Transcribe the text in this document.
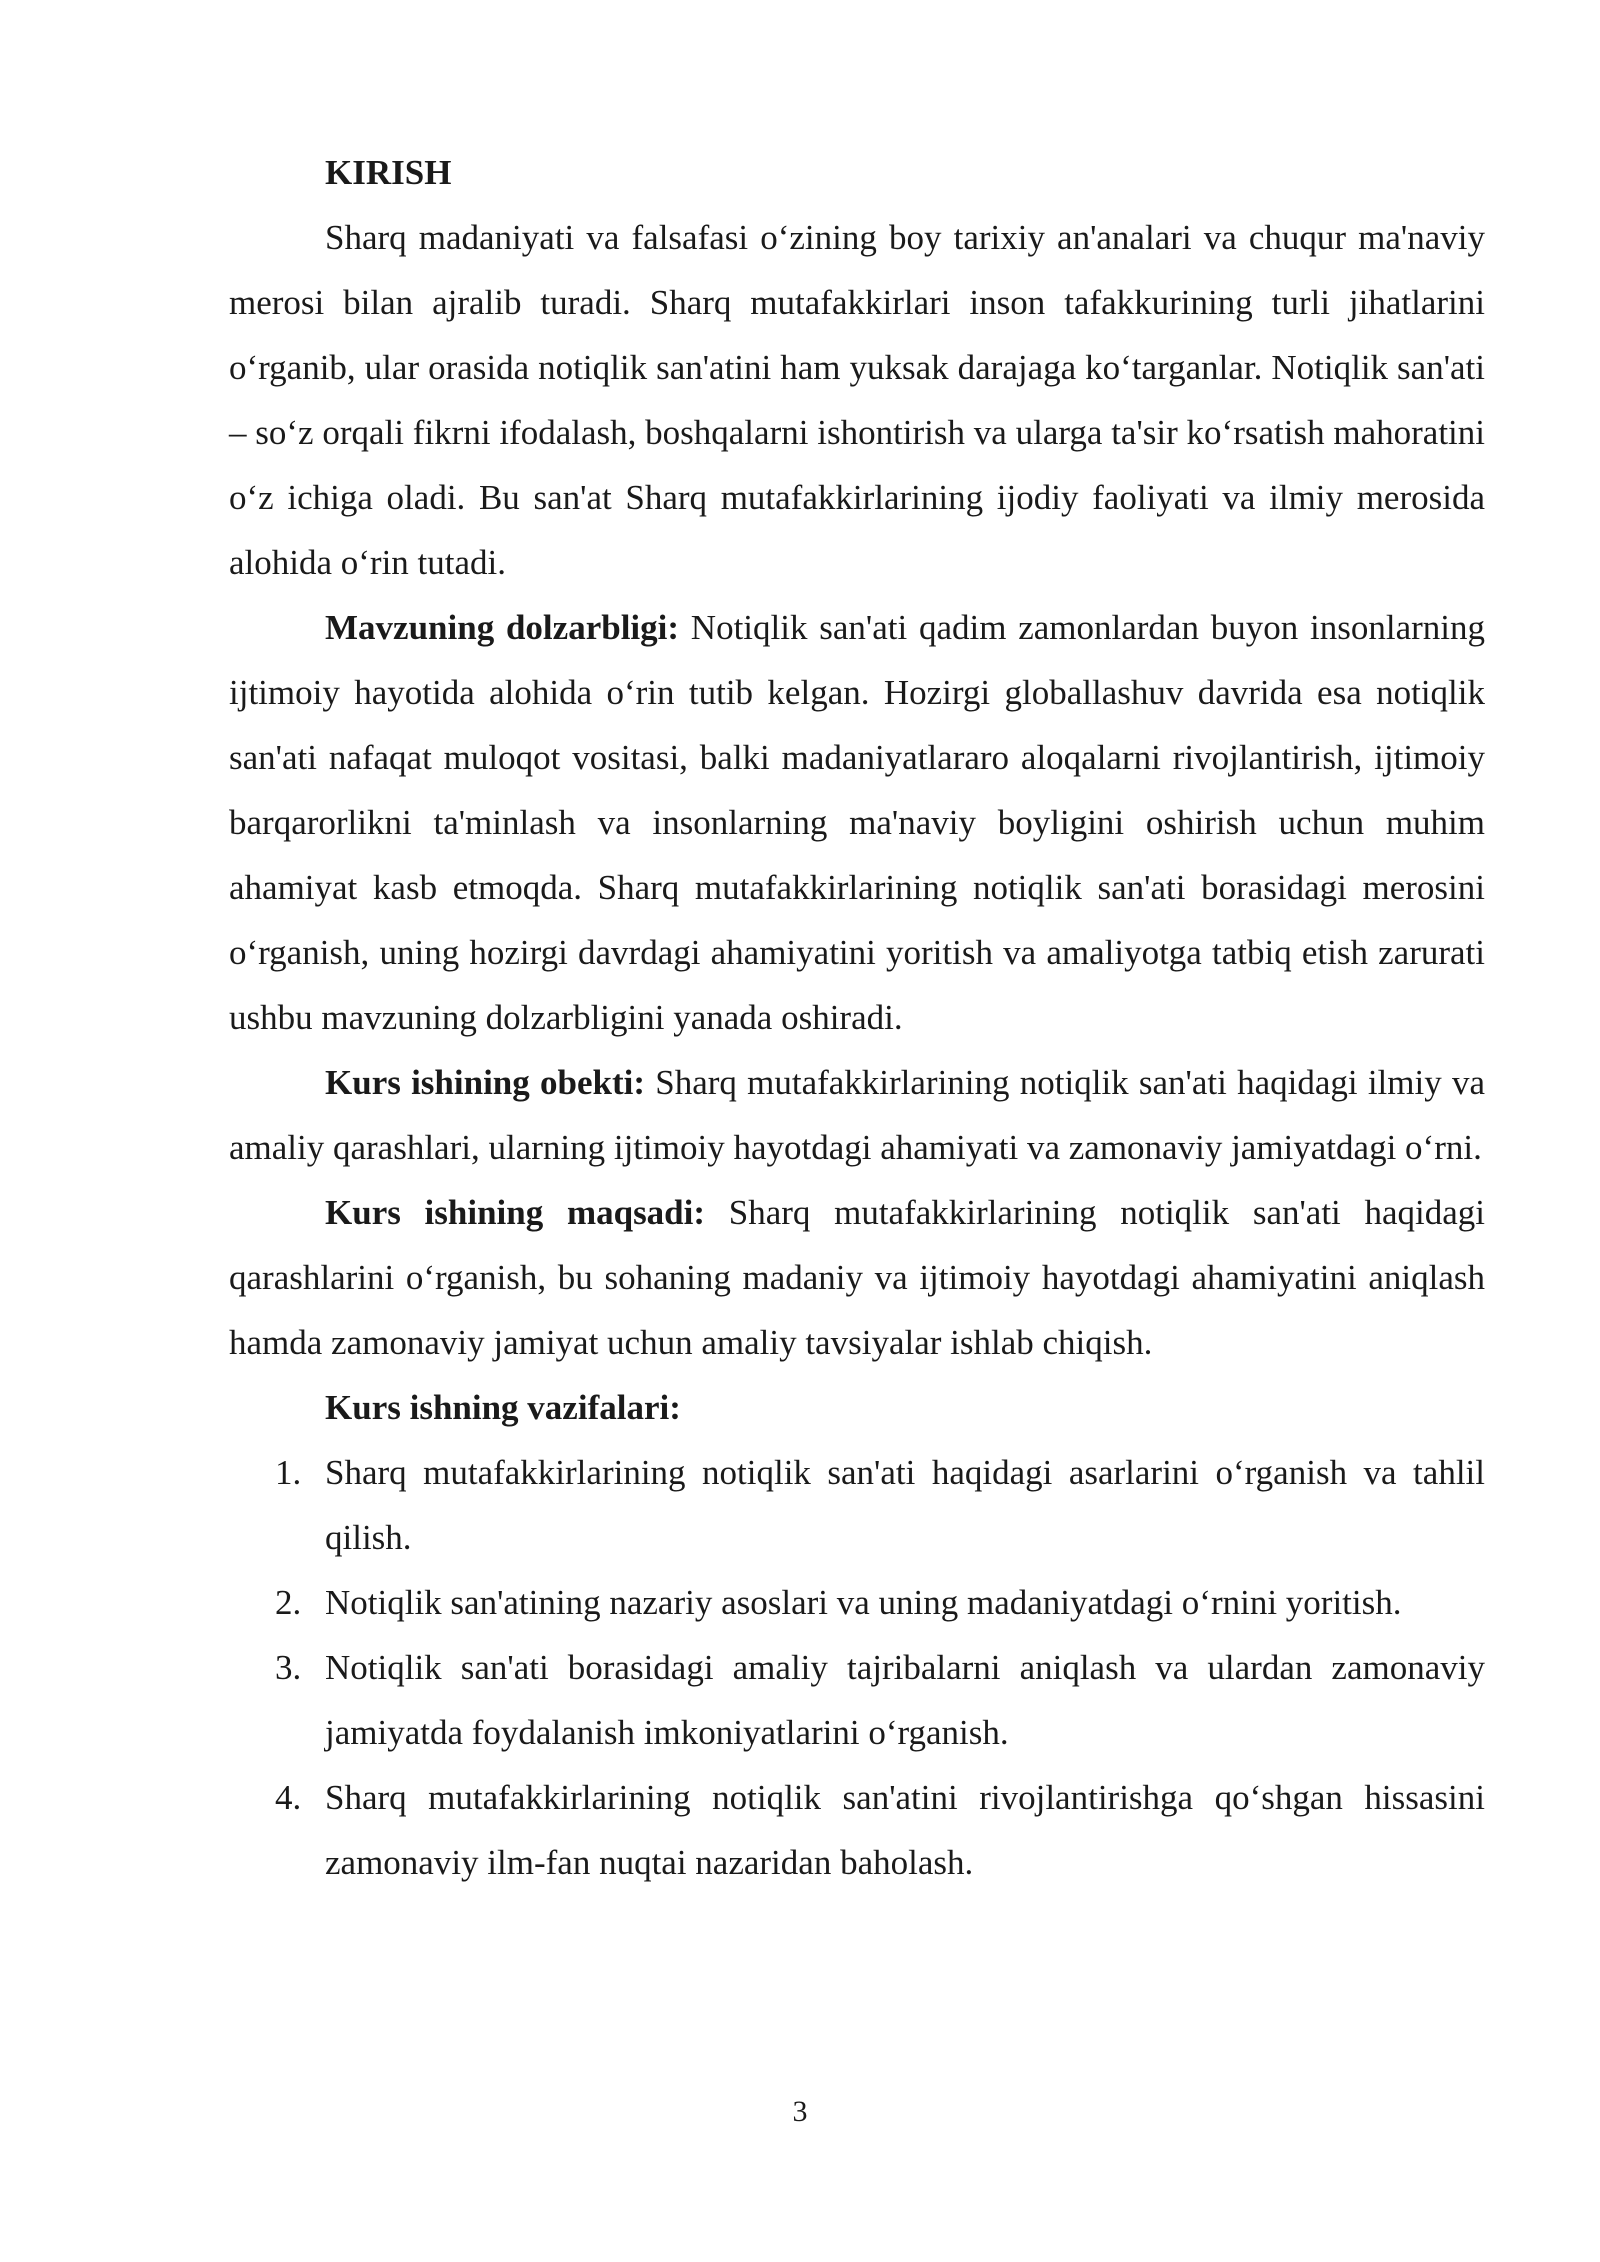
KIRISH

Sharq madaniyati va falsafasi o‘zining boy tarixiy an'analari va chuqur ma'naviy merosi bilan ajralib turadi. Sharq mutafakkirlari inson tafakkurining turli jihatlarini o‘rganib, ular orasida notiqlik san'atini ham yuksak darajaga ko‘targanlar. Notiqlik san'ati – so‘z orqali fikrni ifodalash, boshqalarni ishontirish va ularga ta'sir ko‘rsatish mahoratini o‘z ichiga oladi. Bu san'at Sharq mutafakkirlarining ijodiy faoliyati va ilmiy merosida alohida o‘rin tutadi.

Mavzuning dolzarbligi: Notiqlik san'ati qadim zamonlardan buyon insonlarning ijtimoiy hayotida alohida o‘rin tutib kelgan. Hozirgi globallashuv davrida esa notiqlik san'ati nafaqat muloqot vositasi, balki madaniyatlararo aloqalarni rivojlantirish, ijtimoiy barqarorlikni ta'minlash va insonlarning ma'naviy boyligini oshirish uchun muhim ahamiyat kasb etmoqda. Sharq mutafakkirlarining notiqlik san'ati borasidagi merosini o‘rganish, uning hozirgi davrdagi ahamiyatini yoritish va amaliyotga tatbiq etish zarurati ushbu mavzuning dolzarbligini yanada oshiradi.

Kurs ishining obekti: Sharq mutafakkirlarining notiqlik san'ati haqidagi ilmiy va amaliy qarashlari, ularning ijtimoiy hayotdagi ahamiyati va zamonaviy jamiyatdagi o‘rni.

Kurs ishining maqsadi: Sharq mutafakkirlarining notiqlik san'ati haqidagi qarashlarini o‘rganish, bu sohaning madaniy va ijtimoiy hayotdagi ahamiyatini aniqlash hamda zamonaviy jamiyat uchun amaliy tavsiyalar ishlab chiqish.

Kurs ishning vazifalari:
1. Sharq mutafakkirlarining notiqlik san'ati haqidagi asarlarini o‘rganish va tahlil qilish.
2. Notiqlik san'atining nazariy asoslari va uning madaniyatdagi o‘rnini yoritish.
3. Notiqlik san'ati borasidagi amaliy tajribalarni aniqlash va ulardan zamonaviy jamiyatda foydalanish imkoniyatlarini o‘rganish.
4. Sharq mutafakkirlarining notiqlik san'atini rivojlantirishga qo‘shgan hissasini zamonaviy ilm-fan nuqtai nazaridan baholash.
3
